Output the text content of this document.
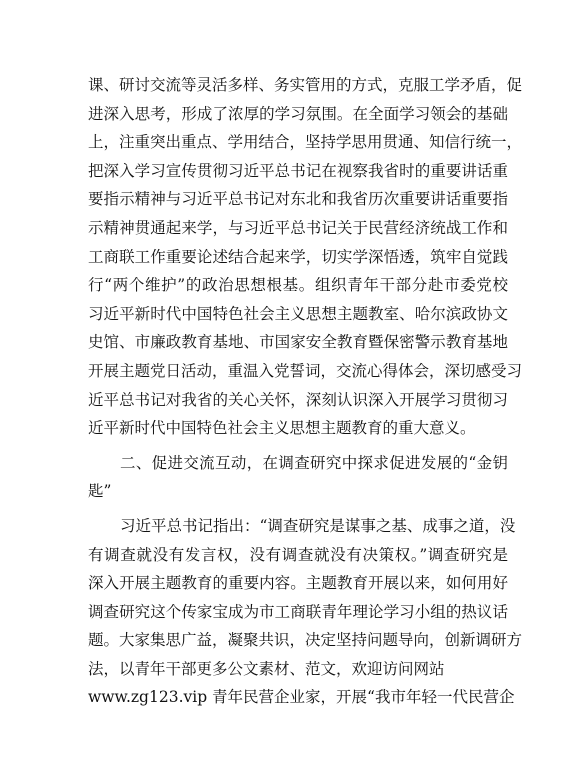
课、研讨交流等灵活多样、务实管用的方式，克服工学矛盾，促
进深入思考，形成了浓厚的学习氛围。在全面学习领会的基础
上，注重突出重点、学用结合，坚持学思用贯通、知信行统一，
把深入学习宣传贯彻习近平总书记在视察我省时的重要讲话重
要指示精神与习近平总书记对东北和我省历次重要讲话重要指
示精神贯通起来学，与习近平总书记关于民营经济统战工作和
工商联工作重要论述结合起来学，切实学深悟透，筑牢自觉践
行“两个维护”的政治思想根基。组织青年干部分赴市委党校
习近平新时代中国特色社会主义思想主题教室、哈尔滨政协文
史馆、市廉政教育基地、市国家安全教育暨保密警示教育基地
开展主题党日活动，重温入党誓词，交流心得体会，深切感受习
近平总书记对我省的关心关怀，深刻认识深入开展学习贯彻习
近平新时代中国特色社会主义思想主题教育的重大意义。
二、促进交流互动，在调查研究中探求促进发展的“金钥
匙”
习近平总书记指出：“调查研究是谋事之基、成事之道，没
有调查就没有发言权，没有调查就没有决策权。”调查研究是
深入开展主题教育的重要内容。主题教育开展以来，如何用好
调查研究这个传家宝成为市工商联青年理论学习小组的热议话
题。大家集思广益，凝聚共识，决定坚持问题导向，创新调研方
法，以青年干部更多公文素材、范文，欢迎访问网站
www.zg123.vip 青年民营企业家，开展“我市年轻一代民营企
